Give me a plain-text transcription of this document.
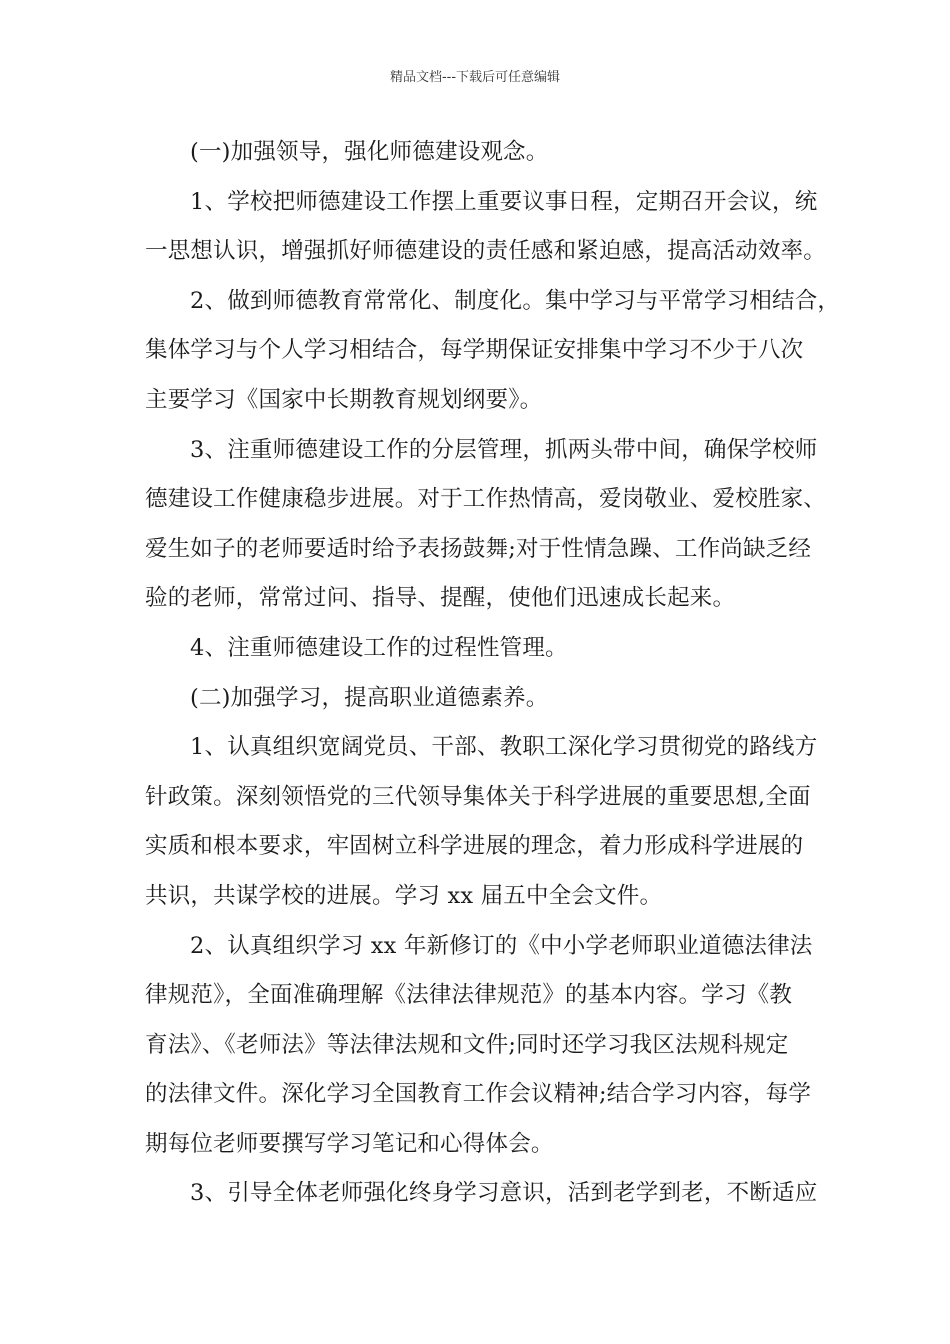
精品文档---下载后可任意编辑
(一)加强领导，强化师德建设观念。
1、学校把师德建设工作摆上重要议事日程，定期召开会议，统
一思想认识，增强抓好师德建设的责任感和紧迫感，提高活动效率。
2、做到师德教育常常化、制度化。集中学习与平常学习相结合，
集体学习与个人学习相结合，每学期保证安排集中学习不少于八次
主要学习《国家中长期教育规划纲要》。
3、注重师德建设工作的分层管理，抓两头带中间，确保学校师
德建设工作健康稳步进展。对于工作热情高，爱岗敬业、爱校胜家、
爱生如子的老师要适时给予表扬鼓舞;对于性情急躁、工作尚缺乏经
验的老师，常常过问、指导、提醒，使他们迅速成长起来。
4、注重师德建设工作的过程性管理。
(二)加强学习，提高职业道德素养。
1、认真组织宽阔党员、干部、教职工深化学习贯彻党的路线方
针政策。深刻领悟党的三代领导集体关于科学进展的重要思想,全面
实质和根本要求，牢固树立科学进展的理念，着力形成科学进展的
共识，共谋学校的进展。学习 xx 届五中全会文件。
2、认真组织学习 xx 年新修订的《中小学老师职业道德法律法
律规范》，全面准确理解《法律法律规范》的基本内容。学习《教
育法》、《老师法》等法律法规和文件;同时还学习我区法规科规定
的法律文件。深化学习全国教育工作会议精神;结合学习内容，每学
期每位老师要撰写学习笔记和心得体会。
3、引导全体老师强化终身学习意识，活到老学到老，不断适应
